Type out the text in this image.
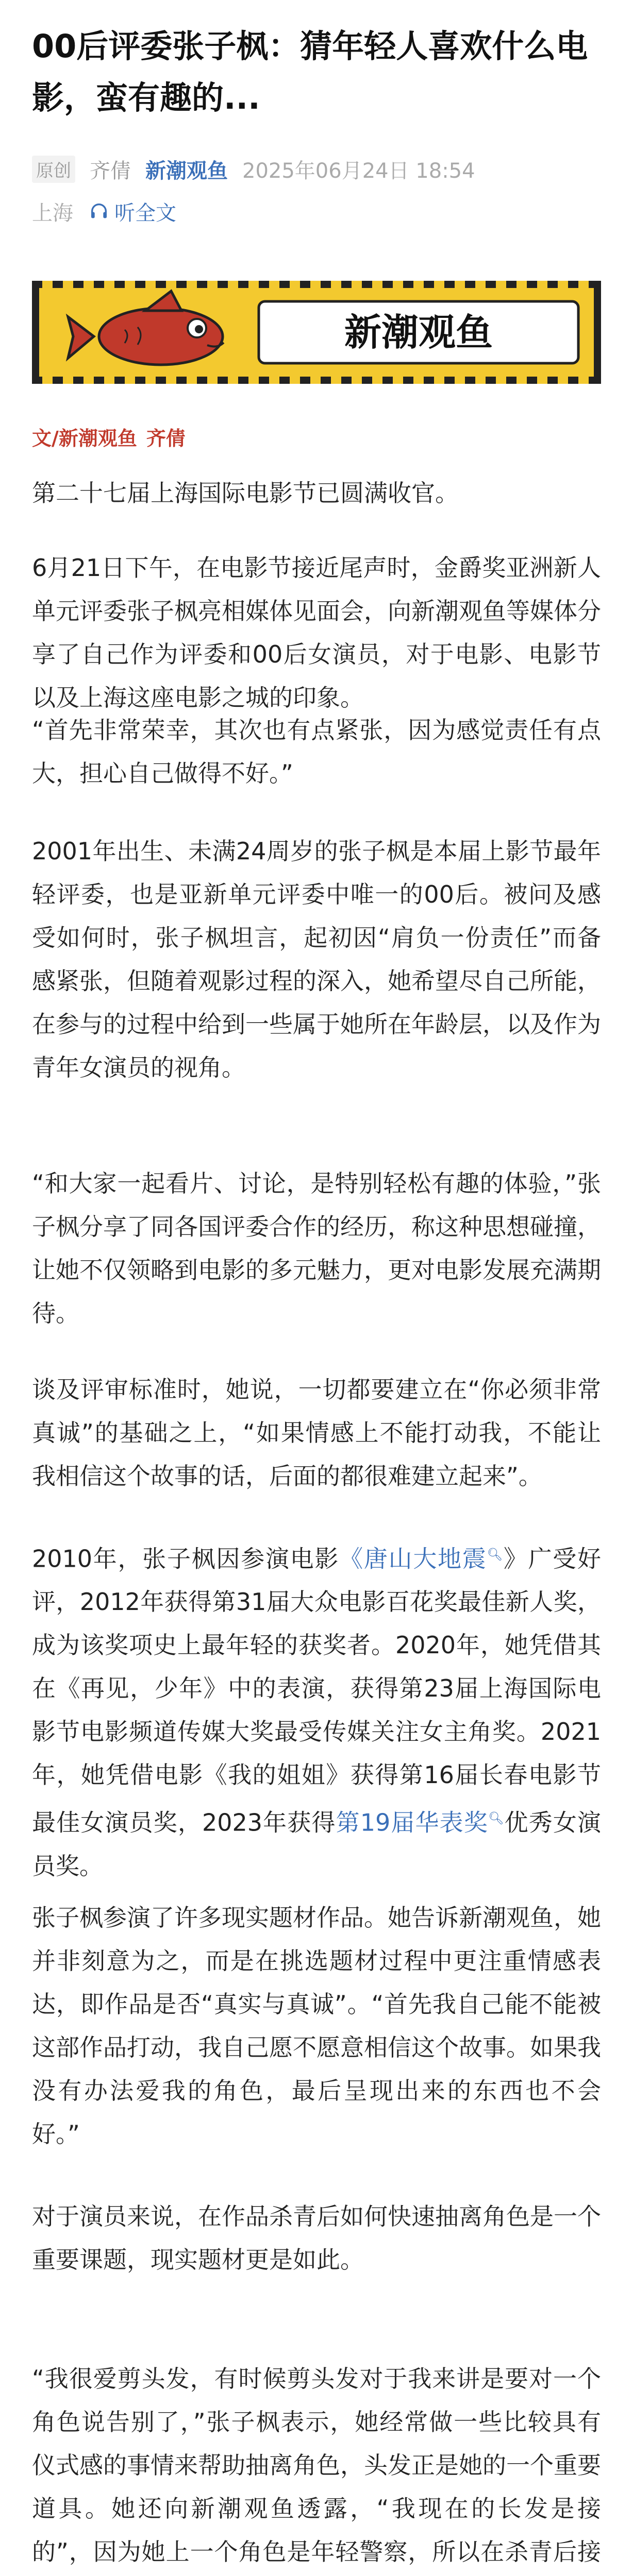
00后评委张子枫：猜年轻人喜欢什么电影，蛮有趣的...
原创 齐倩 新潮观鱼 2025年06月24日 18:54
上海 听全文
新潮观鱼
文/新潮观鱼 齐倩

第二十七届上海国际电影节已圆满收官。

6月21日下午，在电影节接近尾声时，金爵奖亚洲新人单元评委张子枫亮相媒体见面会，向新潮观鱼等媒体分享了自己作为评委和00后女演员，对于电影、电影节以及上海这座电影之城的印象。

“首先非常荣幸，其次也有点紧张，因为感觉责任有点大，担心自己做得不好。”

2001年出生、未满24周岁的张子枫是本届上影节最年轻评委，也是亚新单元评委中唯一的00后。被问及感受如何时，张子枫坦言，起初因“肩负一份责任”而备感紧张，但随着观影过程的深入，她希望尽自己所能，在参与的过程中给到一些属于她所在年龄层，以及作为青年女演员的视角。

“和大家一起看片、讨论，是特别轻松有趣的体验，”张子枫分享了同各国评委合作的经历，称这种思想碰撞，让她不仅领略到电影的多元魅力，更对电影发展充满期待。

谈及评审标准时，她说，一切都要建立在“你必须非常真诚”的基础之上，“如果情感上不能打动我，不能让我相信这个故事的话，后面的都很难建立起来”。

2010年，张子枫因参演电影《唐山大地震🔍︎》广受好评，2012年获得第31届大众电影百花奖最佳新人奖，成为该奖项史上最年轻的获奖者。2020年，她凭借其在《再见，少年》中的表演，获得第23届上海国际电影节电影频道传媒大奖最受传媒关注女主角奖。2021年，她凭借电影《我的姐姐》获得第16届长春电影节最佳女演员奖，2023年获得第19届华表奖🔍︎优秀女演员奖。

张子枫参演了许多现实题材作品。她告诉新潮观鱼，她并非刻意为之，而是在挑选题材过程中更注重情感表达，即作品是否“真实与真诚”。“首先我自己能不能被这部作品打动，我自己愿不愿意相信这个故事。如果我没有办法爱我的角色，最后呈现出来的东西也不会好。”

对于演员来说，在作品杀青后如何快速抽离角色是一个重要课题，现实题材更是如此。

“我很爱剪头发，有时候剪头发对于我来讲是要对一个角色说告别了，”张子枫表示，她经常做一些比较具有仪式感的事情来帮助抽离角色，头发正是她的一个重要道具。她还向新潮观鱼透露，“我现在的长发是接的”，因为她上一个角色是年轻警察，所以在杀青后接
